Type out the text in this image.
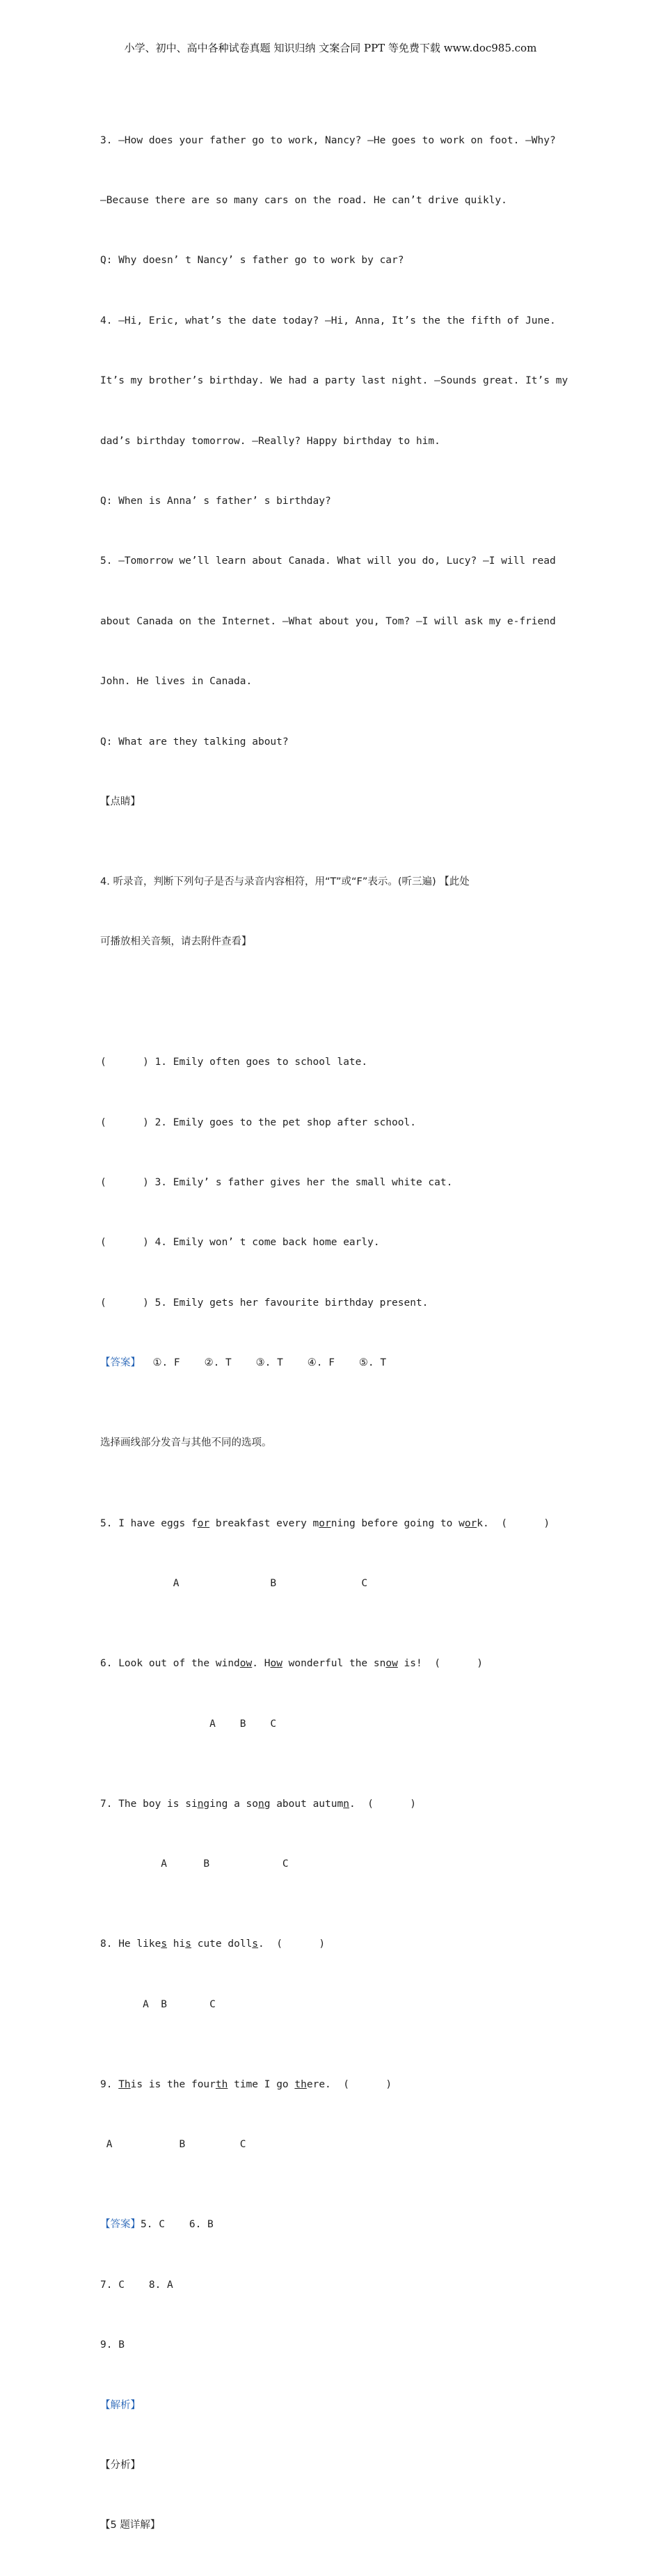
小学、初中、高中各种试卷真题 知识归纳 文案合同 PPT 等免费下载 www.doc985.com

3. —How does your father go to work, Nancy? —He goes to work on foot. —Why?

—Because there are so many cars on the road. He can’t drive quikly.

Q: Why doesn’ t Nancy’ s father go to work by car?

4. —Hi, Eric, what’s the date today? —Hi, Anna, It’s the the fifth of June.

It’s my brother’s birthday. We had a party last night. —Sounds great. It’s my

dad’s birthday tomorrow. —Really? Happy birthday to him.

Q: When is Anna’ s father’ s birthday?

5. —Tomorrow we’ll learn about Canada. What will you do, Lucy? —I will read

about Canada on the Internet. —What about you, Tom? —I will ask my e-friend

John. He lives in Canada.

Q: What are they talking about?

【点睛】

4. 听录音，判断下列句子是否与录音内容相符，用“T”或“F”表示。(听三遍) 【此处

可播放相关音频，请去附件查看】

(      ) 1. Emily often goes to school late.

(      ) 2. Emily goes to the pet shop after school.

(      ) 3. Emily’ s father gives her the small white cat.

(      ) 4. Emily won’ t come back home early.

(      ) 5. Emily gets her favourite birthday present.

【答案】  ①. F    ②. T    ③. T    ④. F    ⑤. T

选择画线部分发音与其他不同的选项。

5. I have eggs for breakfast every morning before going to work.  (      )

A               B              C

6. Look out of the window. How wonderful the snow is!  (      )

A    B    C

7. The boy is singing a song about autumn.  (      )

A      B            C

8. He likes his cute dolls.  (      )

A  B       C

9. This is the fourth time I go there.  (      )

A           B         C

【答案】5. C    6. B

7. C    8. A

9. B

【解析】

【分析】

【5 题详解】
